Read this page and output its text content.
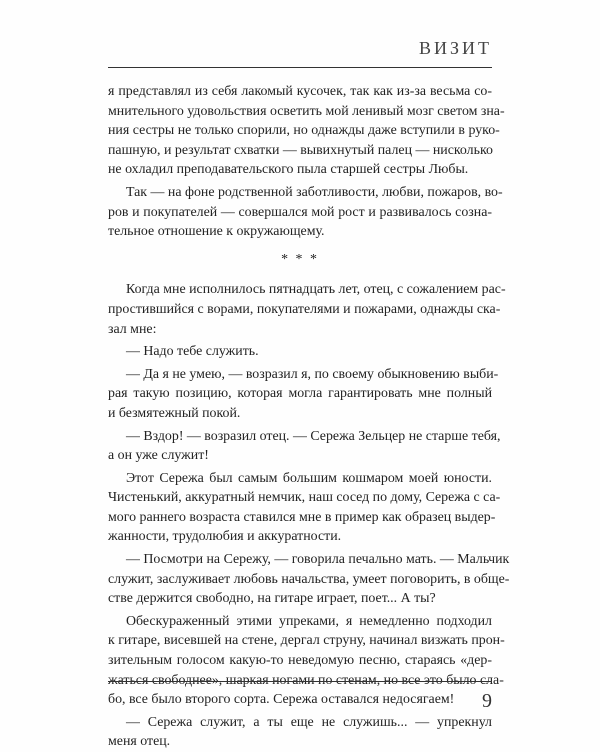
ВИЗИТ
я представлял из себя лакомый кусочек, так как из-за весьма со-
мнительного удовольствия осветить мой ленивый мозг светом зна-
ния сестры не только спорили, но однажды даже вступили в руко-
пашную, и результат схватки — вывихнутый палец — нисколько
не охладил преподавательского пыла старшей сестры Любы.
Так — на фоне родственной заботливости, любви, пожаров, во-
ров и покупателей — совершался мой рост и развивалось сознa-
тельное отношение к окружающему.
* * *
Когда мне исполнилось пятнадцать лет, отец, с сожалением рас-
простившийся с ворами, покупателями и пожарами, однажды ска-
зал мне:
— Надо тебе служить.
— Да я не умею, — возразил я, по своему обыкновению выби-
рая такую позицию, которая могла гарантировать мне полный
и безмятежный покой.
— Вздор! — возразил отец. — Сережа Зельцер не старше тебя,
а он уже служит!
Этот Сережа был самым большим кошмаром моей юности.
Чистенький, аккуратный немчик, наш сосед по дому, Сережа с са-
мого раннего возраста ставился мне в пример как образец выдер-
жанности, трудолюбия и аккуратности.
— Посмотри на Сережу, — говорила печально мать. — Мальчик
служит, заслуживает любовь начальства, умеет поговорить, в обще-
стве держится свободно, на гитаре играет, поет... А ты?
Обескураженный этими упреками, я немедленно подходил
к гитаре, висевшей на стене, дергал струну, начинал визжать прон-
зительным голосом какую-то неведомую песню, стараясь «дер-
жаться свободнее», шаркая ногами по стенам, но все это было сла-
бо, все было второго сорта. Сережа оставался недосягаем!
— Сережа служит, а ты еще не служишь... — упрекнул
меня отец.
9
